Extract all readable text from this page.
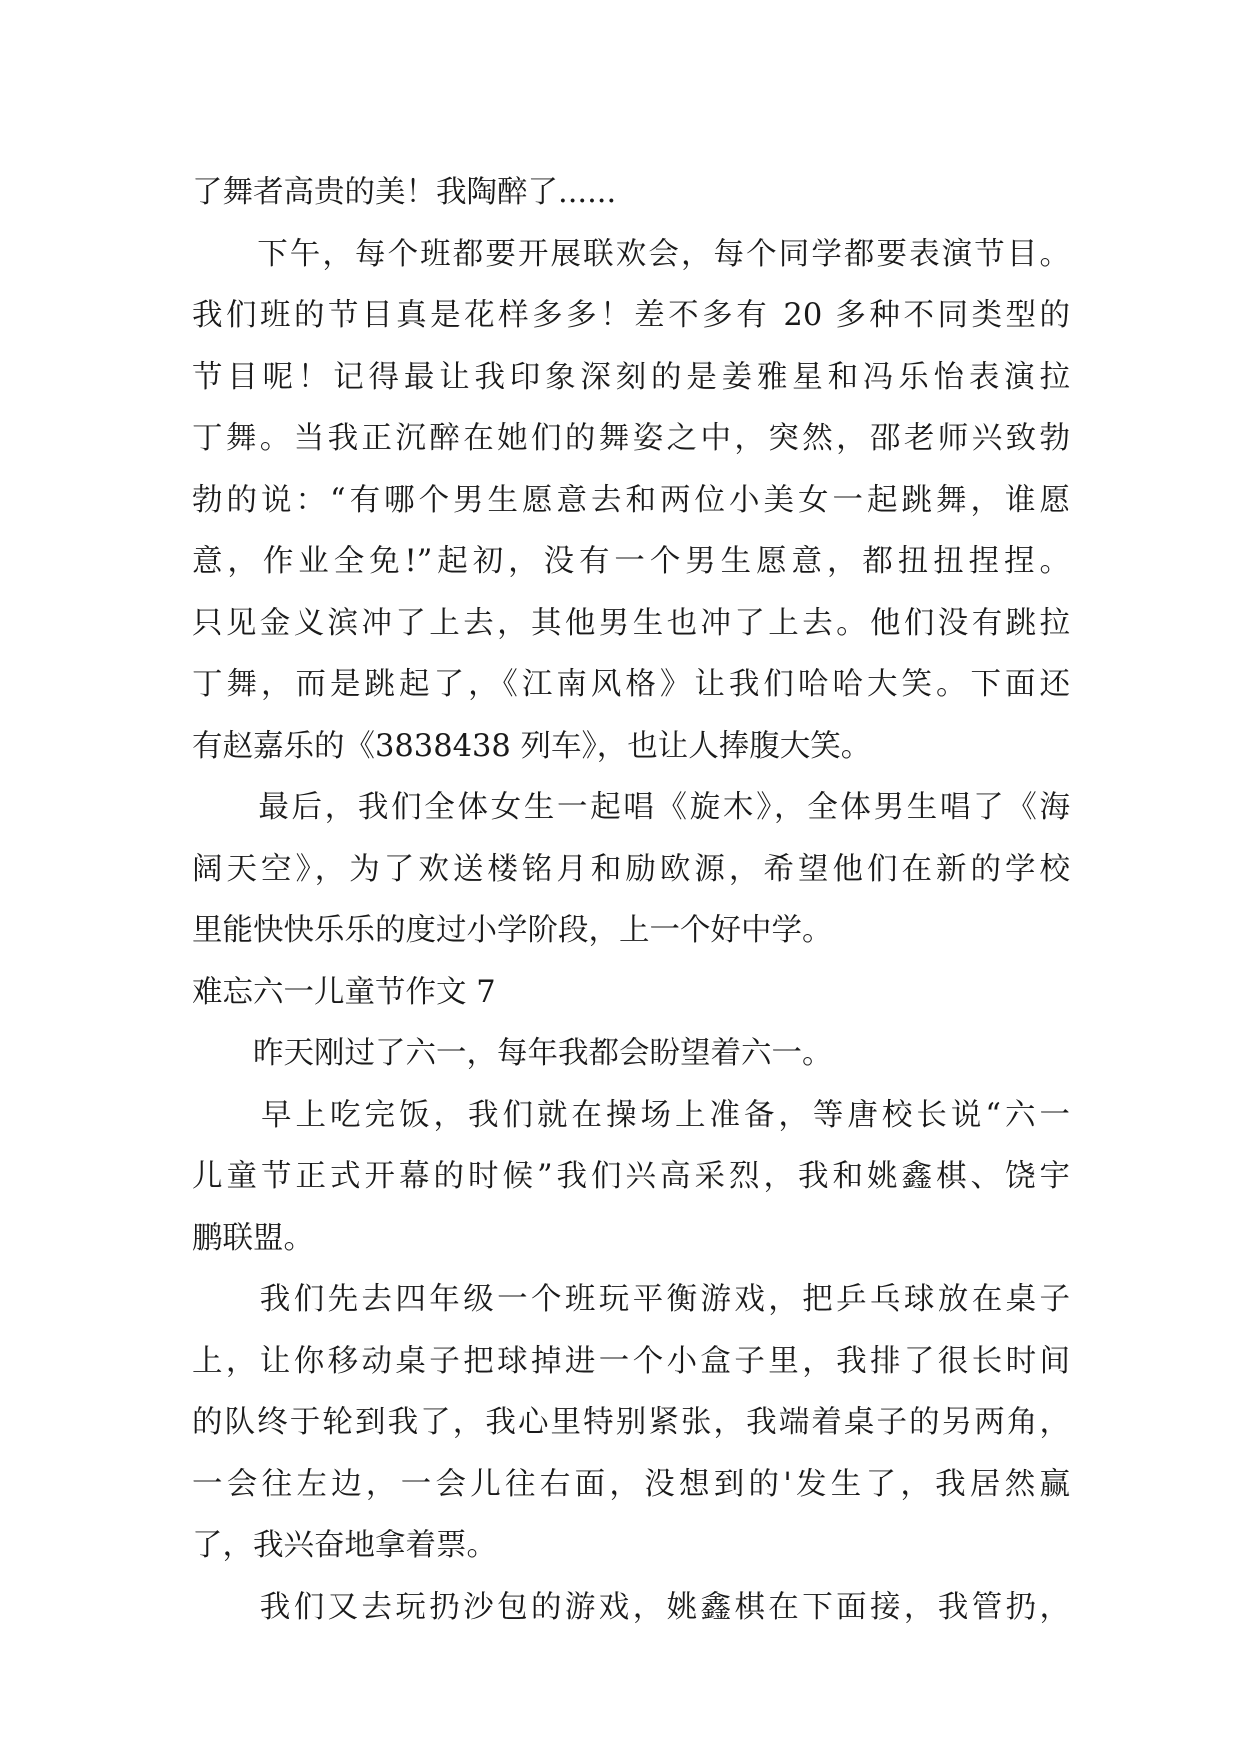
了舞者高贵的美！我陶醉了......
　　下午，每个班都要开展联欢会，每个同学都要表演节目。
我们班的节目真是花样多多！差不多有 20 多种不同类型的
节目呢！记得最让我印象深刻的是姜雅星和冯乐怡表演拉
丁舞。当我正沉醉在她们的舞姿之中，突然，邵老师兴致勃
勃的说：“有哪个男生愿意去和两位小美女一起跳舞，谁愿
意，作业全免!”起初，没有一个男生愿意，都扭扭捏捏。
只见金义滨冲了上去，其他男生也冲了上去。他们没有跳拉
丁舞，而是跳起了，《江南风格》让我们哈哈大笑。下面还
有赵嘉乐的《3838438 列车》，也让人捧腹大笑。
　　最后，我们全体女生一起唱《旋木》，全体男生唱了《海
阔天空》，为了欢送楼铭月和励欧源，希望他们在新的学校
里能快快乐乐的度过小学阶段，上一个好中学。
难忘六一儿童节作文 7
　　昨天刚过了六一，每年我都会盼望着六一。
　　早上吃完饭，我们就在操场上准备，等唐校长说“六一
儿童节正式开幕的时候”我们兴高采烈，我和姚鑫棋、饶宇
鹏联盟。
　　我们先去四年级一个班玩平衡游戏，把乒乓球放在桌子
上，让你移动桌子把球掉进一个小盒子里，我排了很长时间
的队终于轮到我了，我心里特别紧张，我端着桌子的另两角，
一会往左边，一会儿往右面，没想到的'发生了，我居然赢
了，我兴奋地拿着票。
　　我们又去玩扔沙包的游戏，姚鑫棋在下面接，我管扔，
